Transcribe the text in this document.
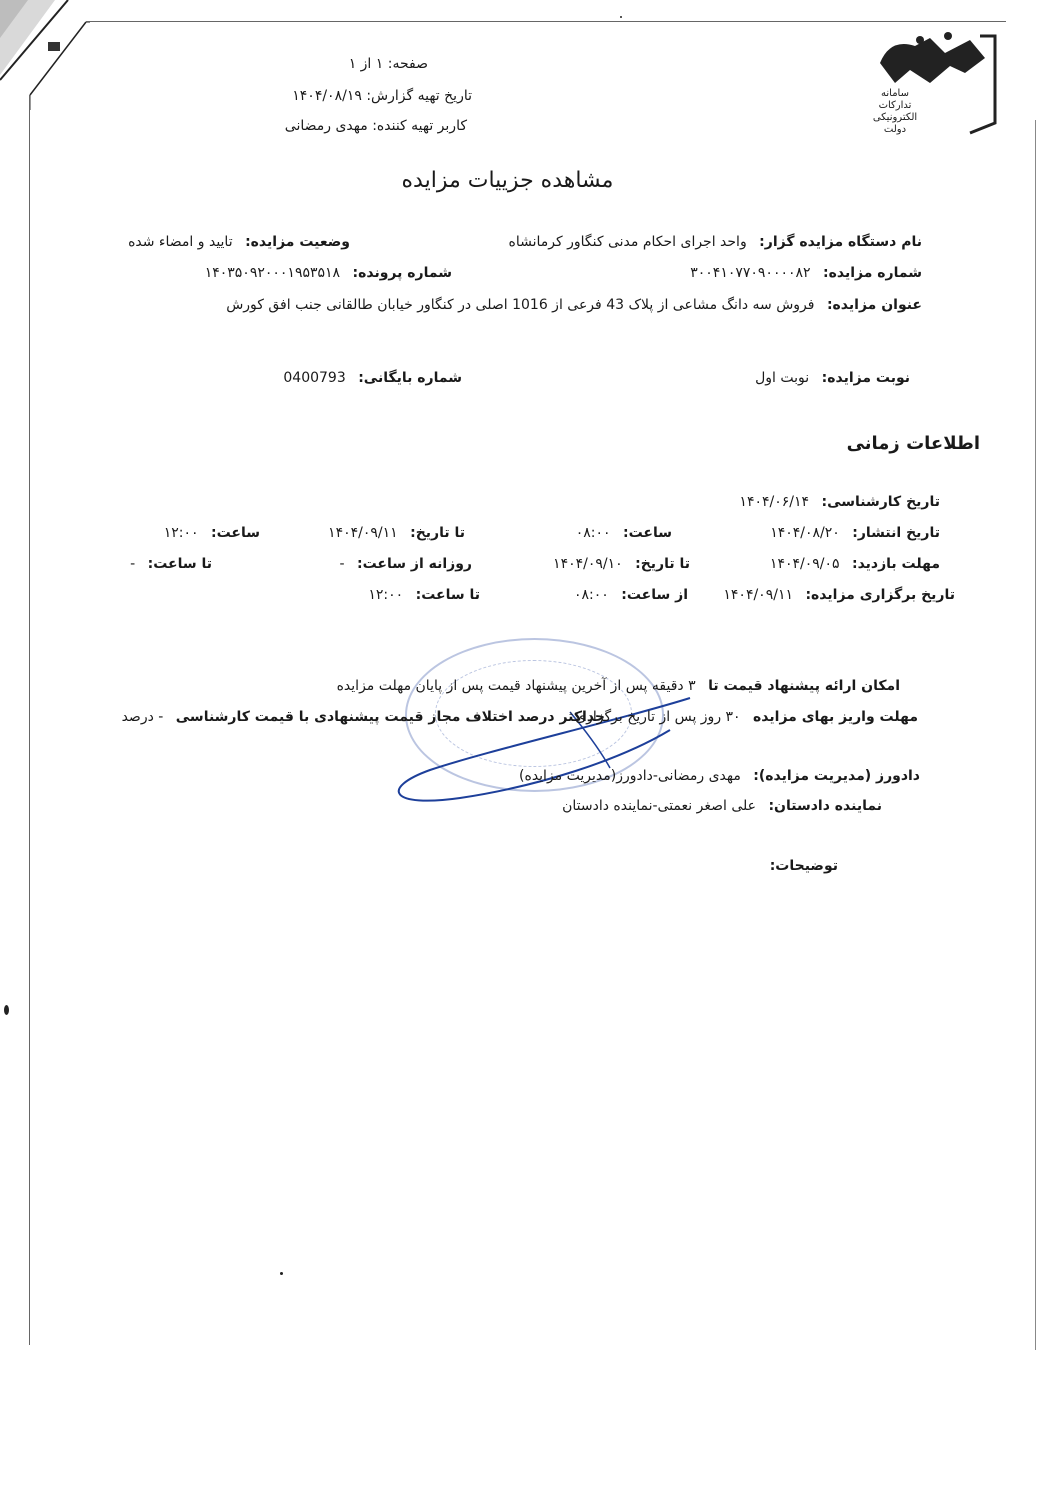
سامانه تدارکات الکترونیکی دولت
صفحه: ۱ از ۱
تاریخ تهیه گزارش: ۱۴۰۴/۰۸/۱۹
کاربر تهیه کننده: مهدی رمضانی
مشاهده جزییات مزایده
نام دستگاه مزایده گزار: واحد اجرای احکام مدنی کنگاور کرمانشاه
وضعیت مزایده: تایید و امضاء شده
شماره مزایده: ۳۰۰۴۱۰۷۷۰۹۰۰۰۰۸۲
شماره پرونده: ۱۴۰۳۵۰۹۲۰۰۰۱۹۵۳۵۱۸
عنوان مزایده: فروش سه دانگ مشاعی از پلاک 43 فرعی از 1016 اصلی در کنگاور خیابان طالقانی جنب افق کورش
نوبت مزایده: نوبت اول
شماره بایگانی: 0400793
اطلاعات زمانی
تاریخ کارشناسی: ۱۴۰۴/۰۶/۱۴
تاریخ انتشار: ۱۴۰۴/۰۸/۲۰
ساعت: ۰۸:۰۰
تا تاریخ: ۱۴۰۴/۰۹/۱۱
ساعت: ۱۲:۰۰
مهلت بازدید: ۱۴۰۴/۰۹/۰۵
تا تاریخ: ۱۴۰۴/۰۹/۱۰
روزانه از ساعت: -
تا ساعت: -
تاریخ برگزاری مزایده: ۱۴۰۴/۰۹/۱۱
از ساعت: ۰۸:۰۰
تا ساعت: ۱۲:۰۰
امکان ارائه پیشنهاد قیمت تا ۳ دقیقه پس از آخرین پیشنهاد قیمت پس از پایان مهلت مزایده
مهلت واریز بهای مزایده ۳۰ روز پس از تاریخ برگزاری
حداکثر درصد اختلاف مجاز قیمت پیشنهادی با قیمت کارشناسی - درصد
دادورز (مدیریت مزایده): مهدی رمضانی-دادورز(مدیریت مزایده)
نماینده دادستان: علی اصغر نعمتی-نماینده دادستان
توضیحات:
